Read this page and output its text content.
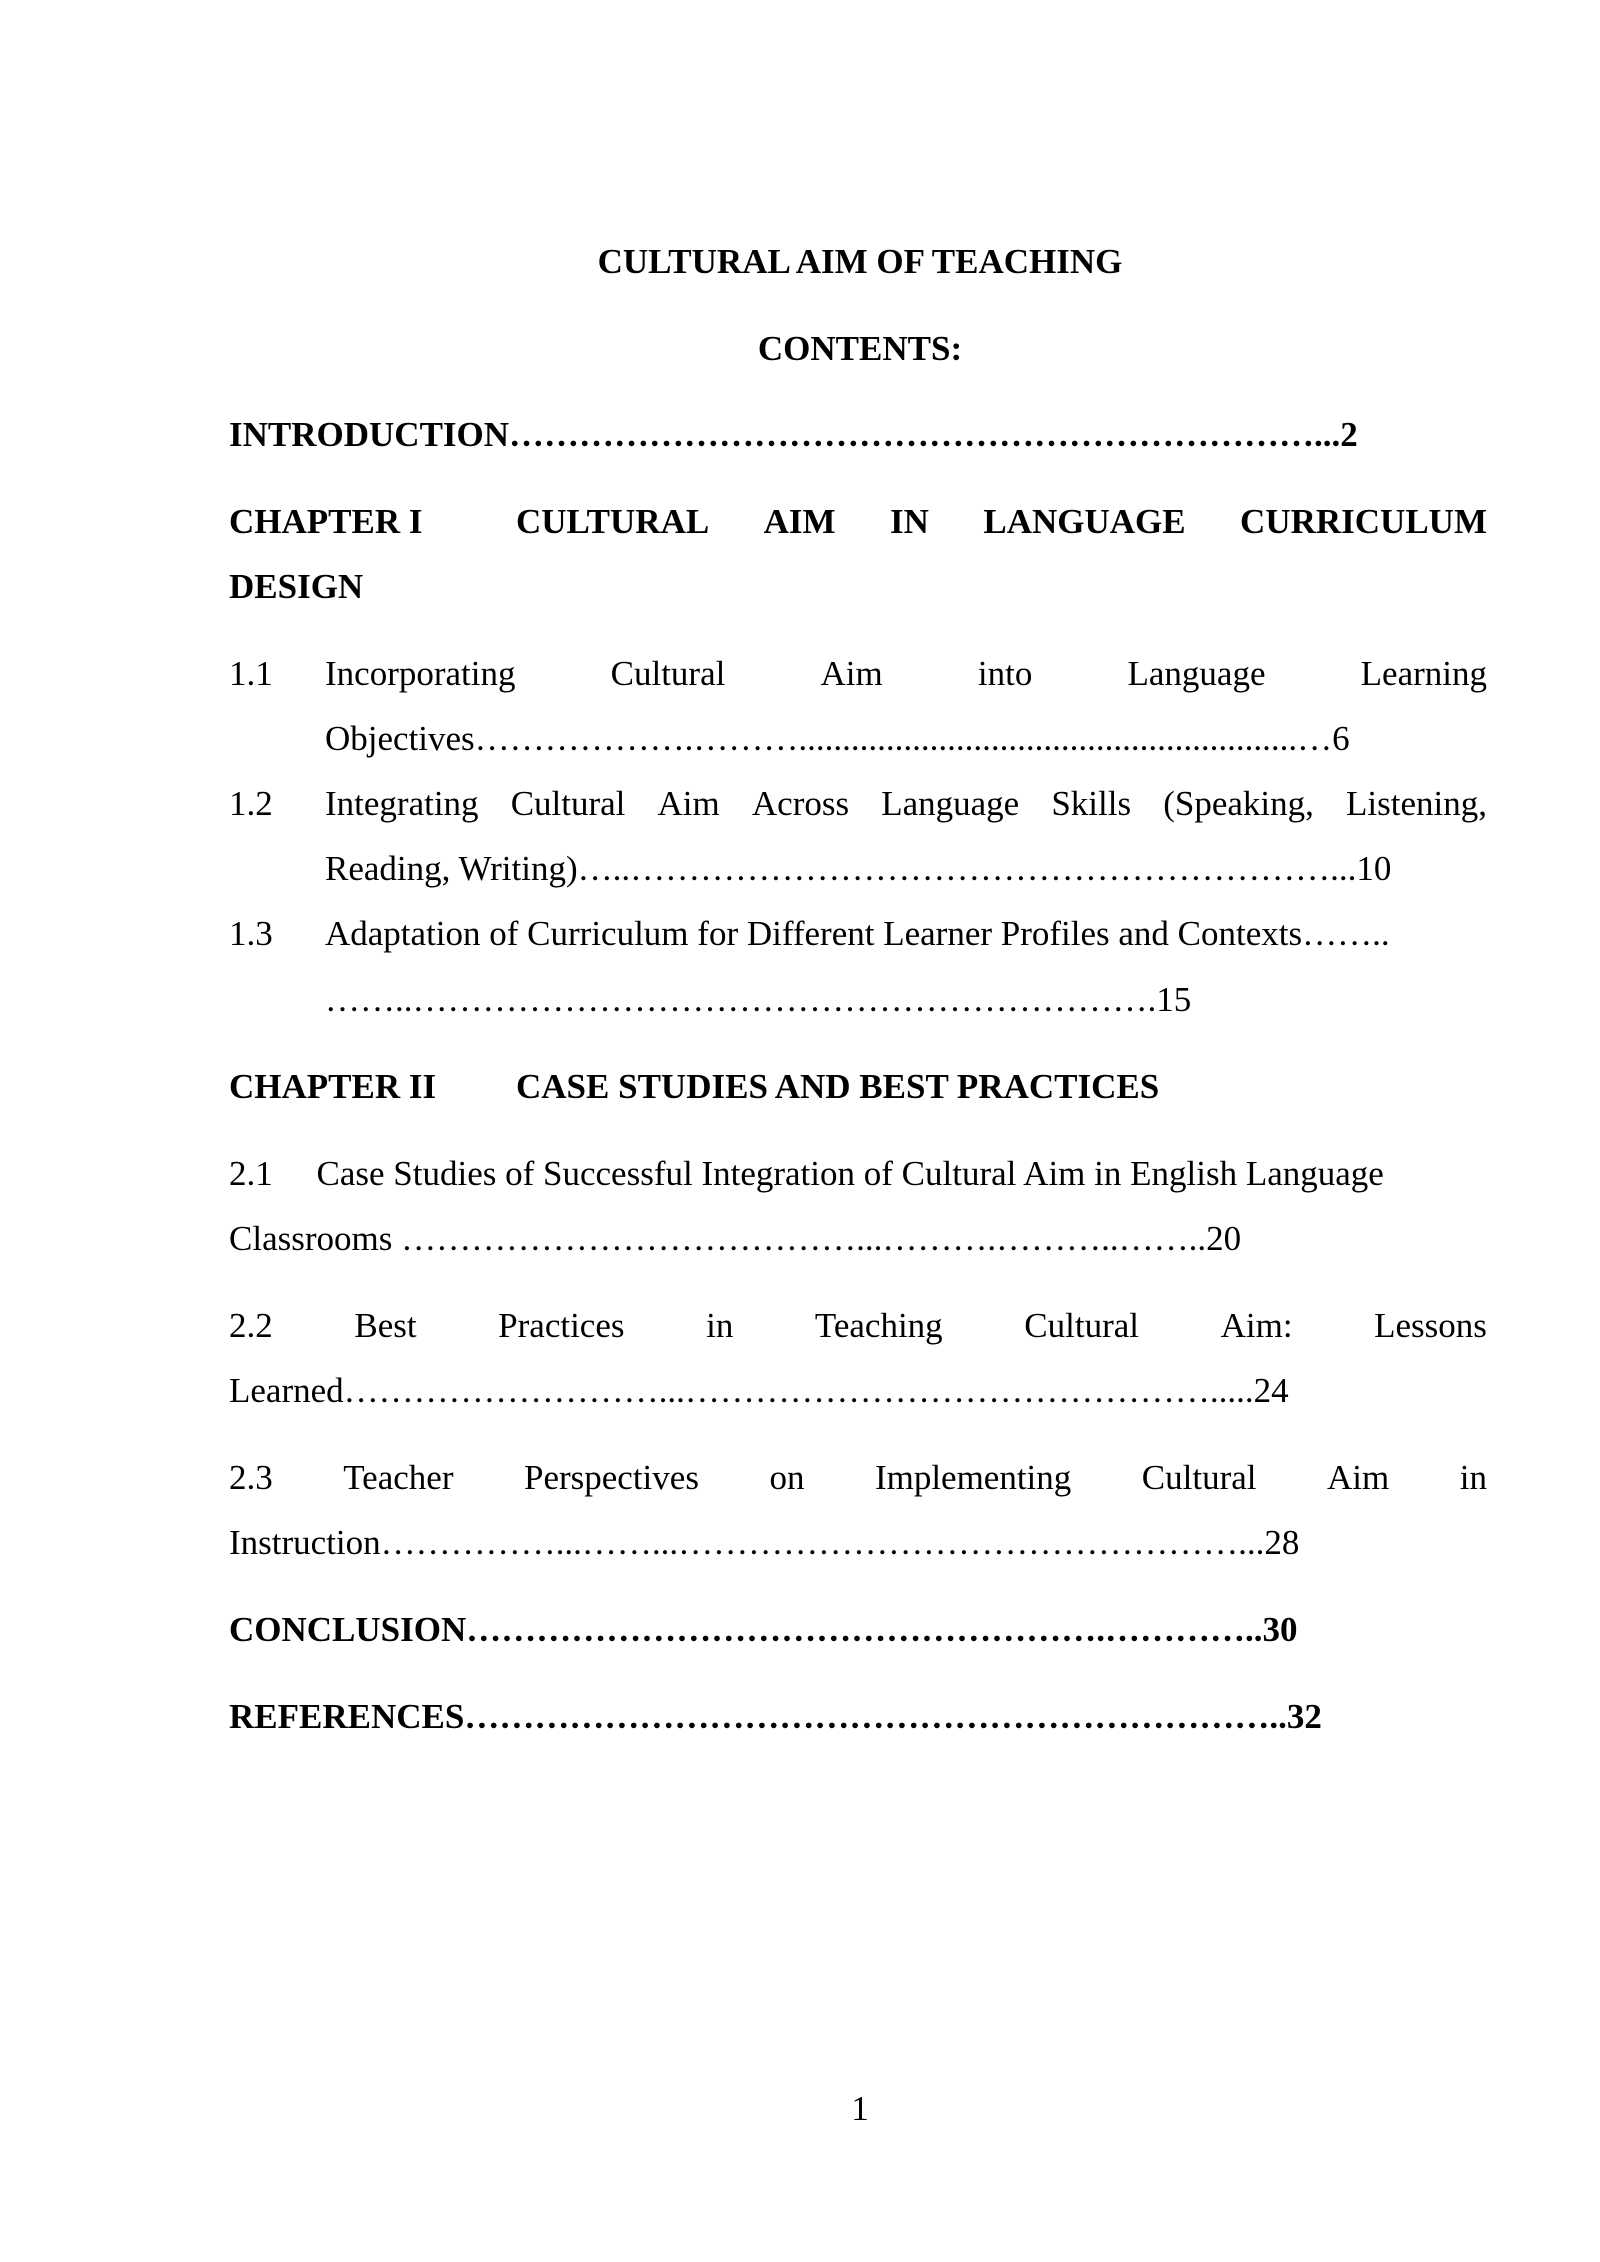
CULTURAL AIM OF TEACHING
CONTENTS:
INTRODUCTION……………………………………………………………...2
CHAPTER I	CULTURAL AIM IN LANGUAGE CURRICULUM
DESIGN
1.1 Incorporating	Cultural	Aim	into	Language	Learning
Objectives……………….……….........................................................…6
1.2 Integrating Cultural Aim Across Language Skills (Speaking, Listening,
Reading, Writing)…..……………………………………………………...10
1.3 Adaptation of Curriculum for Different Learner Profiles and Contexts……..
……..……………………………………………………….15
CHAPTER II CASE STUDIES AND BEST PRACTICES
2.1     Case Studies of Successful Integration of Cultural Aim in English Language
Classrooms …………………………………...……….………..……..20
2.2 Best Practices in Teaching Cultural Aim: Lessons
Learned………………………...……………………………………….....24
2.3 Teacher Perspectives on Implementing Cultural Aim in
Instruction……………...……...…………………………………………...28
CONCLUSION……………………………………………….…………..30
REFERENCES……………………………………………………………..32
1
